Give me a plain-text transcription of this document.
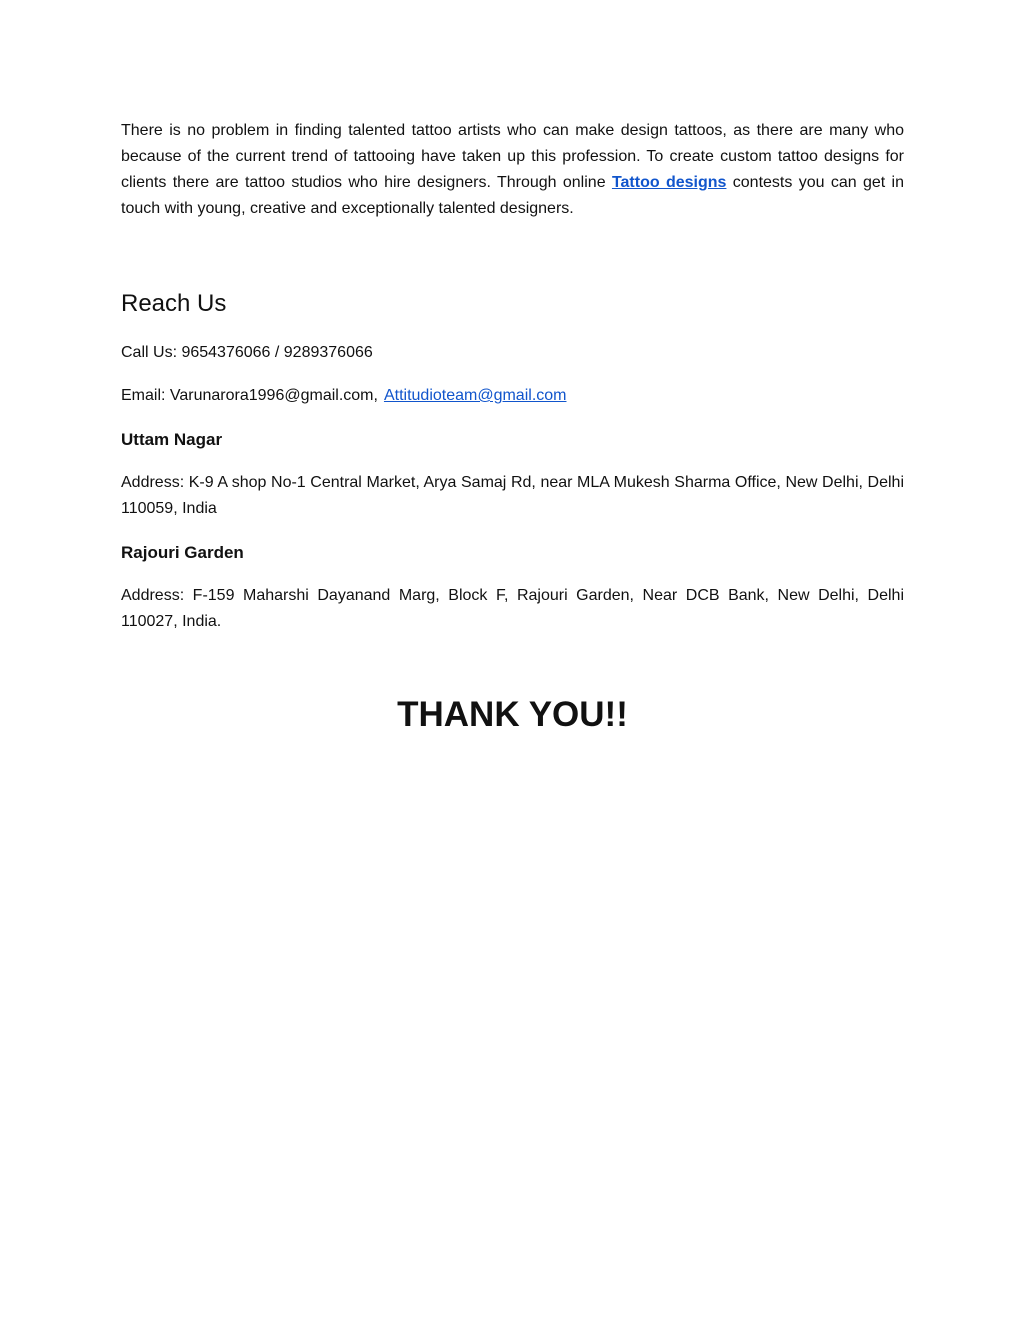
There is no problem in finding talented tattoo artists who can make design tattoos, as there are many who because of the current trend of tattooing have taken up this profession. To create custom tattoo designs for clients there are tattoo studios who hire designers. Through online Tattoo designs contests you can get in touch with young, creative and exceptionally talented designers.

Reach Us

Call Us: 9654376066 / 9289376066

Email: Varunarora1996@gmail.com, Attitudioteam@gmail.com

Uttam Nagar

Address: K-9 A shop No-1 Central Market, Arya Samaj Rd, near MLA Mukesh Sharma Office, New Delhi, Delhi 110059, India

Rajouri Garden

Address: F-159 Maharshi Dayanand Marg, Block F, Rajouri Garden, Near DCB Bank, New Delhi, Delhi 110027, India.

THANK YOU!!
